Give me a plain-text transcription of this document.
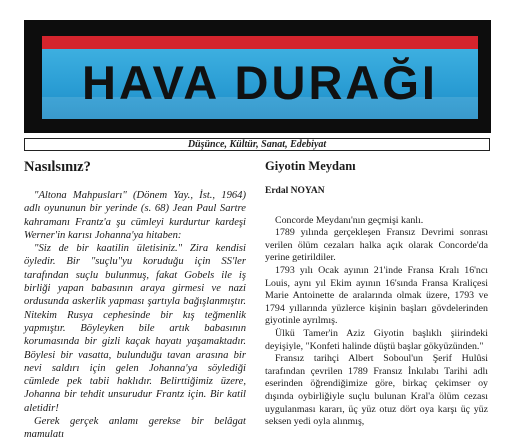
HAVA DURAĞI
Düşünce, Kültür, Sanat, Edebiyat
Nasılsınız?

"Altona Mahpusları" (Dönem Yay., İst., 1964) adlı oyununun bir yerinde (s. 68) Jean Paul Sartre kahramanı Frantz'a şu cümleyi kurdurtur kardeşi Werner'in karısı Johanna'ya hitaben:

"Siz de bir kaatilin ületisiniz." Zira kendisi öyledir. Bir "suçlu"yu koruduğu için SS'ler tarafından suçlu bulunmuş, fakat Gobels ile iş birliği yapan babasının araya girmesi ve nazi ordusunda askerlik yapması şartıyla bağışlanmıştır. Nitekim Rusya cephesinde bir kış teğmenlik yapmıştır. Böyleyken bile artık babasının korumasında bir gizli kaçak hayatı yaşamaktadır. Böylesi bir vasatta, bulunduğu tavan arasına bir nevi saldırı için gelen Johanna'ya söylediği cümlede pek tabii haklıdır. Belirttiğimiz üzere, Johanna bir tehdit unsurudur Frantz için. Bir katil aletidir!

Gerek gerçek anlamı gerekse bir belâgat mamulatı

Giyotin Meydanı
Erdal NOYAN

Concorde Meydanı'nın geçmişi kanlı.

1789 yılında gerçekleşen Fransız Devrimi sonrası verilen ölüm cezaları halka açık olarak Concorde'da yerine getirildiler.

1793 yılı Ocak ayının 21'inde Fransa Kralı 16'ncı Louis, aynı yıl Ekim ayının 16'sında Fransa Kraliçesi Marie Antoinette de aralarında olmak üzere, 1793 ve 1794 yıllarında yüzlerce kişinin başları gövdelerinden giyotinle ayrılmış.

Ülkü Tamer'in Aziz Giyotin başlıklı şiirindeki deyişiyle, "Konfeti halinde düştü başlar gökyüzünden."

Fransız tarihçi Albert Soboul'un Şerif Hulûsi tarafından çevrilen 1789 Fransız İnkılabı Tarihi adlı eserinden öğrendiğimize göre, birkaç çekimser oy dışında oybirliğiyle suçlu bulunan Kral'a ölüm cezası uygulanması kararı, üç yüz otuz dört oya karşı üç yüz seksen yedi oyla alınmış,
